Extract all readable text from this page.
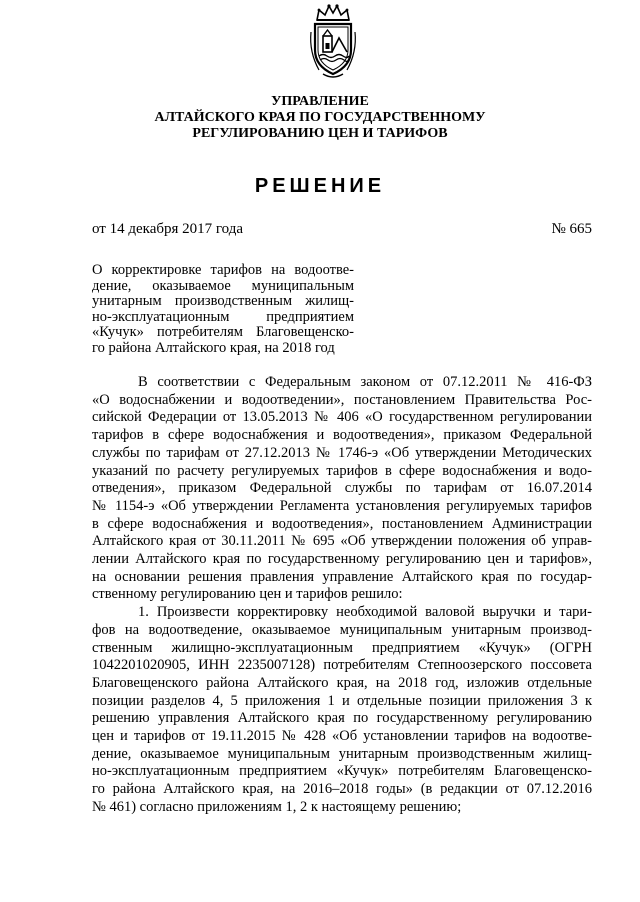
УПРАВЛЕНИЕ
АЛТАЙСКОГО КРАЯ ПО ГОСУДАРСТВЕННОМУ
РЕГУЛИРОВАНИЮ ЦЕН И ТАРИФОВ
РЕШЕНИЕ
от 14 декабря 2017 года	№ 665
О корректировке тарифов на водоотве-
дение, оказываемое муниципальным
унитарным производственным жилищ-
но-эксплуатационным предприятием
«Кучук» потребителям Благовещенско-
го района Алтайского края, на 2018 год
В соответствии с Федеральным законом от 07.12.2011 № 416-ФЗ
«О водоснабжении и водоотведении», постановлением Правительства Рос-
сийской Федерации от 13.05.2013 № 406 «О государственном регулировании
тарифов в сфере водоснабжения и водоотведения», приказом Федеральной
службы по тарифам от 27.12.2013 № 1746-э «Об утверждении Методических
указаний по расчету регулируемых тарифов в сфере водоснабжения и водо-
отведения», приказом Федеральной службы по тарифам от 16.07.2014
№ 1154-э «Об утверждении Регламента установления регулируемых тарифов
в сфере водоснабжения и водоотведения», постановлением Администрации
Алтайского края от 30.11.2011 № 695 «Об утверждении положения об управ-
лении Алтайского края по государственному регулированию цен и тарифов»,
на основании решения правления управление Алтайского края по государ-
ственному регулированию цен и тарифов решило:
1. Произвести корректировку необходимой валовой выручки и тари-
фов на водоотведение, оказываемое муниципальным унитарным производ-
ственным жилищно-эксплуатационным предприятием «Кучук» (ОГРН
1042201020905, ИНН 2235007128) потребителям Степноозерского поссовета
Благовещенского района Алтайского края, на 2018 год, изложив отдельные
позиции разделов 4, 5 приложения 1 и отдельные позиции приложения 3 к
решению управления Алтайского края по государственному регулированию
цен и тарифов от 19.11.2015 № 428 «Об установлении тарифов на водоотве-
дение, оказываемое муниципальным унитарным производственным жилищ-
но-эксплуатационным предприятием «Кучук» потребителям Благовещенско-
го района Алтайского края, на 2016–2018 годы» (в редакции от 07.12.2016
№ 461) согласно приложениям 1, 2 к настоящему решению;
